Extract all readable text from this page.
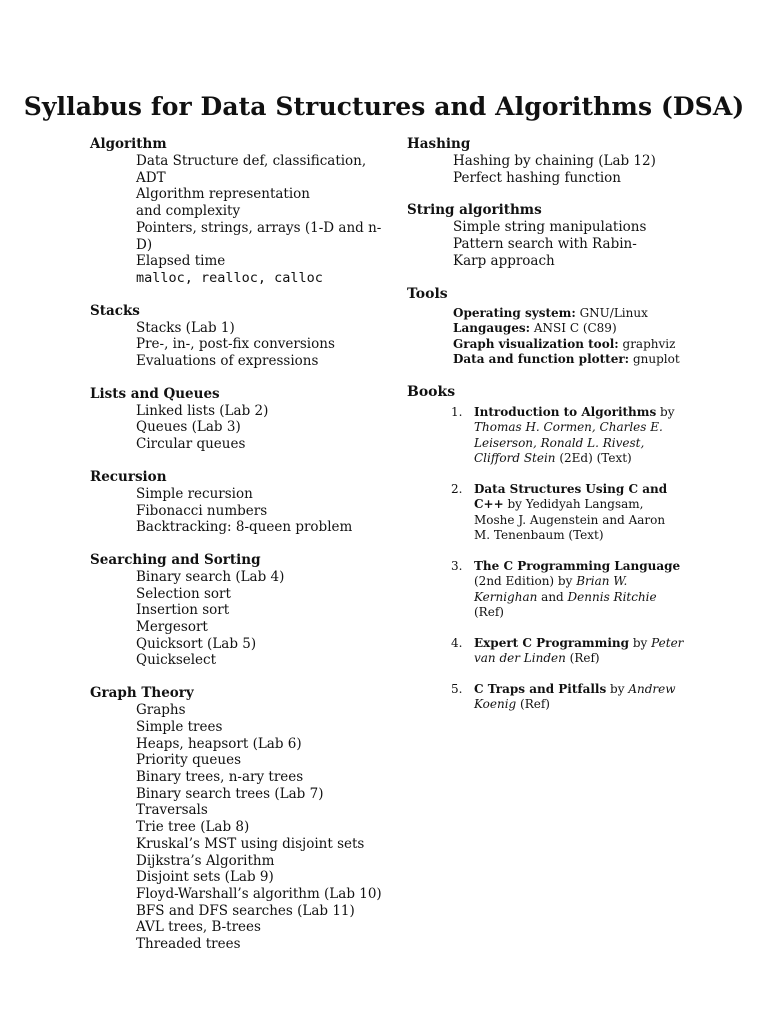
Syllabus for Data Structures and Algorithms (DSA)

Algorithm

Data Structure def, classification, ADT
Algorithm representation and complexity
Pointers, strings, arrays (1-D and n-D)
Elapsed time
malloc, realloc, calloc

Stacks

Stacks (Lab 1)
Pre-, in-, post-fix conversions
Evaluations of expressions

Lists and Queues

Linked lists (Lab 2)
Queues (Lab 3)
Circular queues

Recursion

Simple recursion
Fibonacci numbers
Backtracking: 8-queen problem

Searching and Sorting

Binary search (Lab 4)
Selection sort
Insertion sort
Mergesort
Quicksort (Lab 5)
Quickselect

Graph Theory

Graphs
Simple trees
Heaps, heapsort (Lab 6)
Priority queues
Binary trees, n-ary trees
Binary search trees (Lab 7)
Traversals
Trie tree (Lab 8)
Kruskal’s MST using disjoint sets
Dijkstra’s Algorithm
Disjoint sets (Lab 9)
Floyd-Warshall’s algorithm (Lab 10)
BFS and DFS searches (Lab 11)
AVL trees, B-trees
Threaded trees

Hashing

Hashing by chaining (Lab 12)
Perfect hashing function

String algorithms

Simple string manipulations
Pattern search with Rabin-Karp approach

Tools

Operating system: GNU/Linux
Langauges: ANSI C (C89)
Graph visualization tool: graphviz
Data and function plotter: gnuplot

Books

1. Introduction to Algorithms by Thomas H. Cormen, Charles E. Leiserson, Ronald L. Rivest, Clifford Stein (2Ed) (Text)
2. Data Structures Using C and C++ by Yedidyah Langsam, Moshe J. Augenstein and Aaron M. Tenenbaum (Text)
3. The C Programming Language (2nd Edition) by Brian W. Kernighan and Dennis Ritchie (Ref)
4. Expert C Programming by Peter van der Linden (Ref)
5. C Traps and Pitfalls by Andrew Koenig (Ref)
